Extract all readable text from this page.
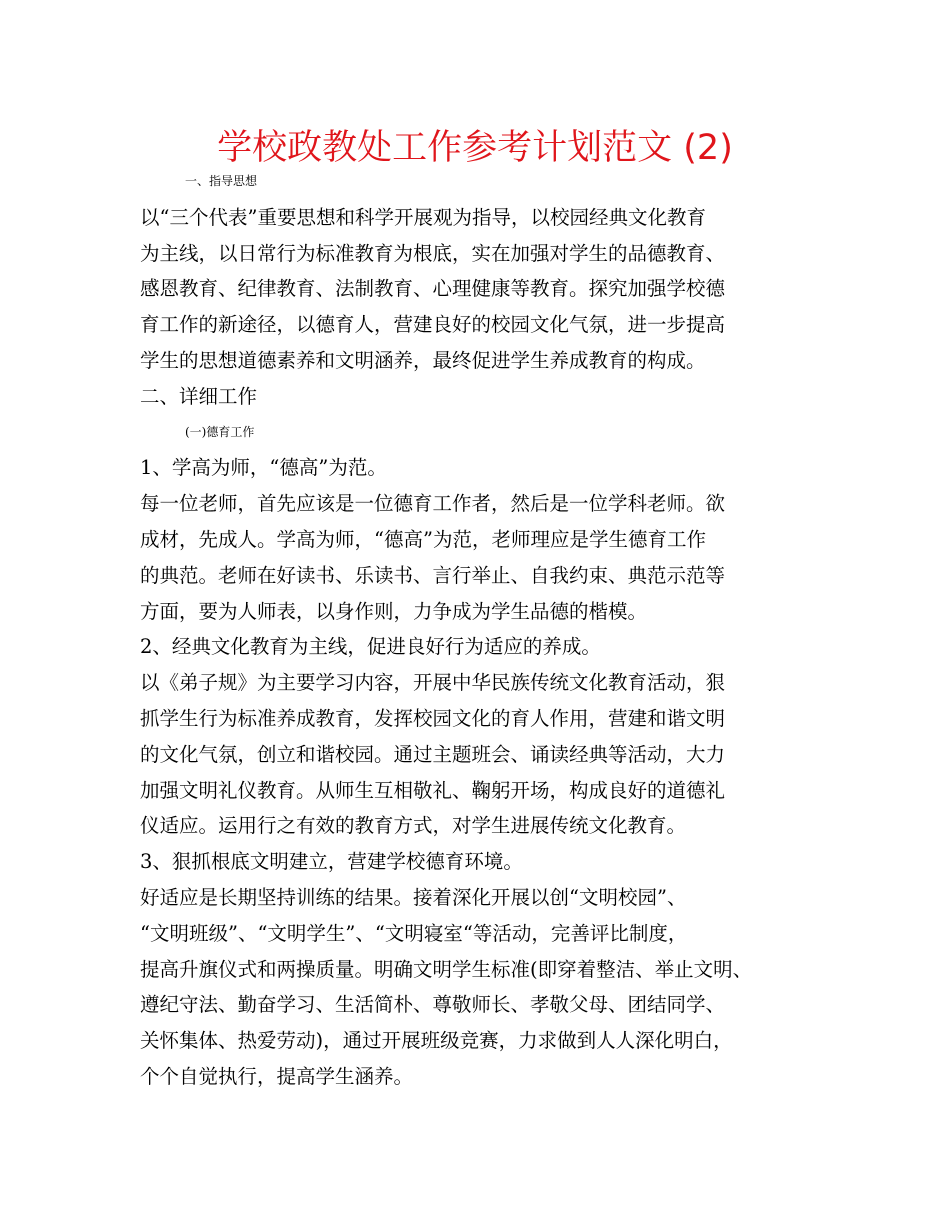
学校政教处工作参考计划范文 (2)
一、指导思想
以“三个代表”重要思想和科学开展观为指导，以校园经典文化教育
为主线，以日常行为标准教育为根底，实在加强对学生的品德教育、
感恩教育、纪律教育、法制教育、心理健康等教育。探究加强学校德
育工作的新途径，以德育人，营建良好的校园文化气氛，进一步提高
学生的思想道德素养和文明涵养，最终促进学生养成教育的构成。
二、详细工作
(一)德育工作
1、学高为师，“德高”为范。
每一位老师，首先应该是一位德育工作者，然后是一位学科老师。欲
成材，先成人。学高为师，“德高”为范，老师理应是学生德育工作
的典范。老师在好读书、乐读书、言行举止、自我约束、典范示范等
方面，要为人师表，以身作则，力争成为学生品德的楷模。
2、经典文化教育为主线，促进良好行为适应的养成。
以《弟子规》为主要学习内容，开展中华民族传统文化教育活动，狠
抓学生行为标准养成教育，发挥校园文化的育人作用，营建和谐文明
的文化气氛，创立和谐校园。通过主题班会、诵读经典等活动，大力
加强文明礼仪教育。从师生互相敬礼、鞠躬开场，构成良好的道德礼
仪适应。运用行之有效的教育方式，对学生进展传统文化教育。
3、狠抓根底文明建立，营建学校德育环境。
好适应是长期坚持训练的结果。接着深化开展以创“文明校园”、
“文明班级”、“文明学生”、“文明寝室“等活动，完善评比制度，
提高升旗仪式和两操质量。明确文明学生标准(即穿着整洁、举止文明、
遵纪守法、勤奋学习、生活简朴、尊敬师长、孝敬父母、团结同学、
关怀集体、热爱劳动)，通过开展班级竞赛，力求做到人人深化明白，
个个自觉执行，提高学生涵养。
